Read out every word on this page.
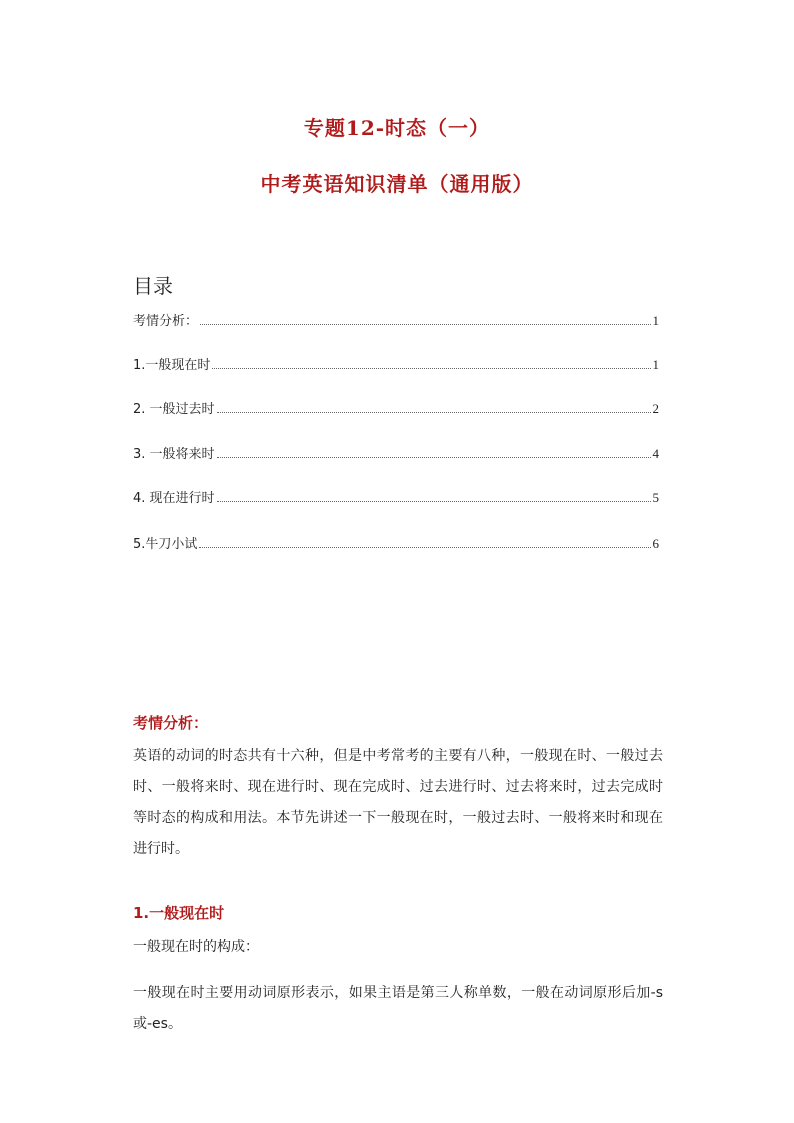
专题12-时态（一）
中考英语知识清单（通用版）
目录
考情分析：	1
1.一般现在时	1
2. 一般过去时	2
3. 一般将来时	4
4. 现在进行时	5
5.牛刀小试	6
考情分析：
英语的动词的时态共有十六种，但是中考常考的主要有八种，一般现在时、一般过去时、一般将来时、现在进行时、现在完成时、过去进行时、过去将来时，过去完成时等时态的构成和用法。本节先讲述一下一般现在时，一般过去时、一般将来时和现在进行时。
1.一般现在时
一般现在时的构成：
一般现在时主要用动词原形表示，如果主语是第三人称单数，一般在动词原形后加-s或-es。
